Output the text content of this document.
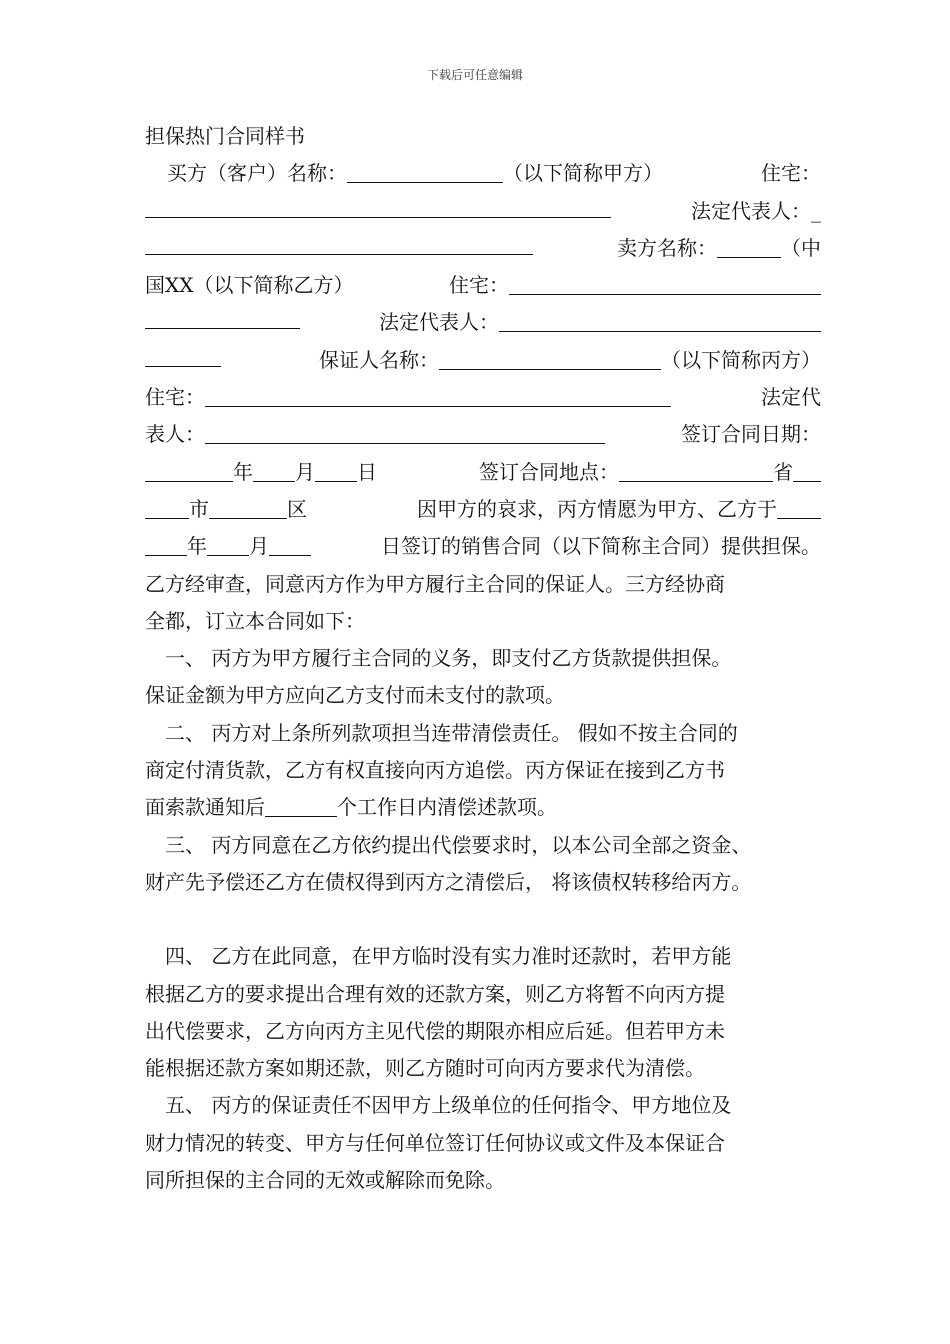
下载后可任意编辑
担保热门合同样书
买方（客户）名称：	（以下简称甲方）	住宅：
法定代表人：_
卖方名称：	（中
国XX（以下简称乙方）	住宅：
法定代表人：
保证人名称：	（以下简称丙方）
住宅：	法定代
表人：	签订合同日期：
年 月 日	签订合同地点：	省
市	区	因甲方的哀求，丙方情愿为甲方、乙方于
年 月	日签订的销售合同（以下简称主合同）提供担保。
乙方经审查，同意丙方作为甲方履行主合同的保证人。三方经协商
全都，订立本合同如下：
一、 丙方为甲方履行主合同的义务，即支付乙方货款提供担保。
保证金额为甲方应向乙方支付而未支付的款项。
二、 丙方对上条所列款项担当连带清偿责任。 假如不按主合同的
商定付清货款，乙方有权直接向丙方追偿。丙方保证在接到乙方书
面索款通知后	个工作日内清偿述款项。
三、 丙方同意在乙方依约提出代偿要求时，以本公司全部之资金、
财产先予偿还乙方在债权得到丙方之清偿后， 将该债权转移给丙方。
四、 乙方在此同意，在甲方临时没有实力准时还款时，若甲方能
根据乙方的要求提出合理有效的还款方案，则乙方将暂不向丙方提
出代偿要求，乙方向丙方主见代偿的期限亦相应后延。但若甲方未
能根据还款方案如期还款，则乙方随时可向丙方要求代为清偿。
五、 丙方的保证责任不因甲方上级单位的任何指令、甲方地位及
财力情况的转变、甲方与任何单位签订任何协议或文件及本保证合
同所担保的主合同的无效或解除而免除。
